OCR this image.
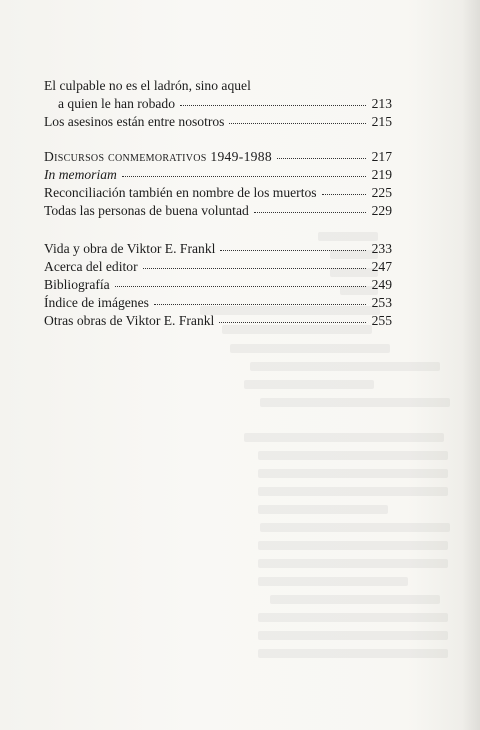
El culpable no es el ladrón, sino aquel
a quien le han robado	213
Los asesinos están entre nosotros	215
Discursos conmemorativos 1949-1988	217
In memoriam	219
Reconciliación también en nombre de los muertos	225
Todas las personas de buena voluntad	229
Vida y obra de Viktor E. Frankl	233
Acerca del editor	247
Bibliografía	249
Índice de imágenes	253
Otras obras de Viktor E. Frankl	255
